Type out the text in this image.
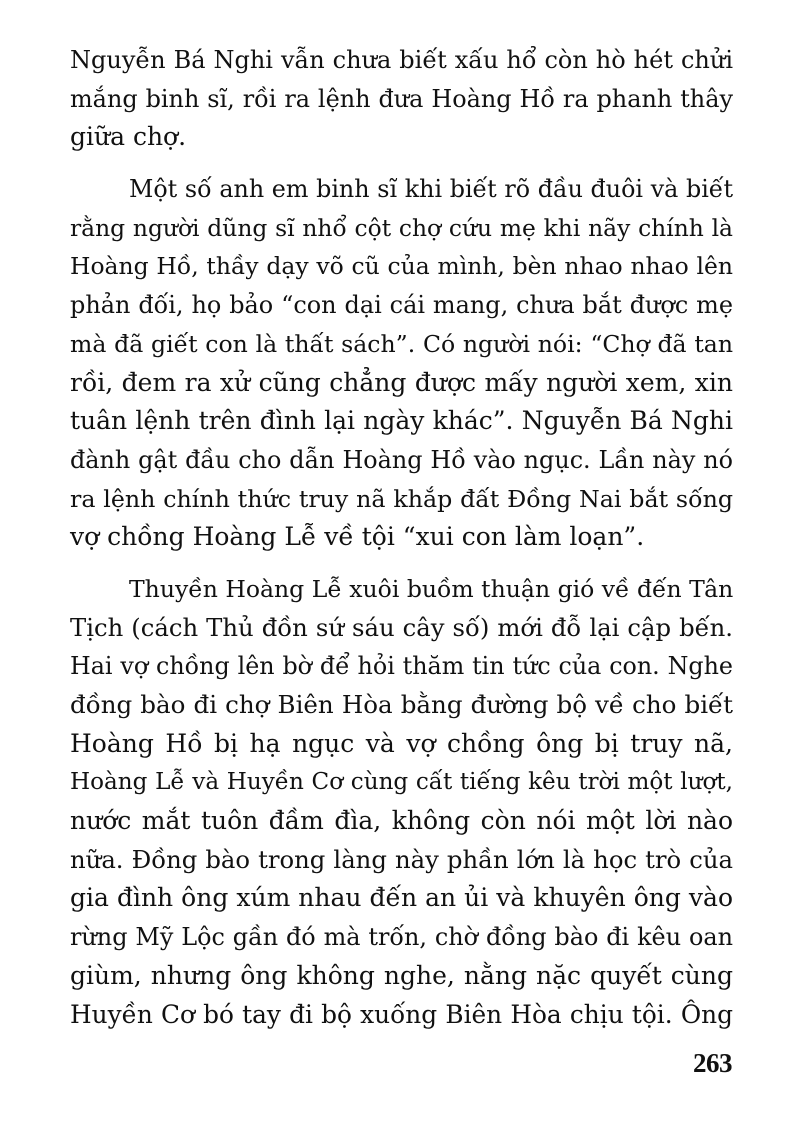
Nguyễn Bá Nghi vẫn chưa biết xấu hổ còn hò hét chửi
mắng binh sĩ, rồi ra lệnh đưa Hoàng Hồ ra phanh thây
giữa chợ.
Một số anh em binh sĩ khi biết rõ đầu đuôi và biết
rằng người dũng sĩ nhổ cột chợ cứu mẹ khi nãy chính là
Hoàng Hồ, thầy dạy võ cũ của mình, bèn nhao nhao lên
phản đối, họ bảo “con dại cái mang, chưa bắt được mẹ
mà đã giết con là thất sách”. Có người nói: “Chợ đã tan
rồi, đem ra xử cũng chẳng được mấy người xem, xin
tuân lệnh trên đình lại ngày khác”. Nguyễn Bá Nghi
đành gật đầu cho dẫn Hoàng Hồ vào ngục. Lần này nó
ra lệnh chính thức truy nã khắp đất Đồng Nai bắt sống
vợ chồng Hoàng Lễ về tội “xui con làm loạn”.
Thuyền Hoàng Lễ xuôi buồm thuận gió về đến Tân
Tịch (cách Thủ đồn sứ sáu cây số) mới đỗ lại cập bến.
Hai vợ chồng lên bờ để hỏi thăm tin tức của con. Nghe
đồng bào đi chợ Biên Hòa bằng đường bộ về cho biết
Hoàng Hồ bị hạ ngục và vợ chồng ông bị truy nã,
Hoàng Lễ và Huyền Cơ cùng cất tiếng kêu trời một lượt,
nước mắt tuôn đầm đìa, không còn nói một lời nào
nữa. Đồng bào trong làng này phần lớn là học trò của
gia đình ông xúm nhau đến an ủi và khuyên ông vào
rừng Mỹ Lộc gần đó mà trốn, chờ đồng bào đi kêu oan
giùm, nhưng ông không nghe, nằng nặc quyết cùng
Huyền Cơ bó tay đi bộ xuống Biên Hòa chịu tội. Ông
263
